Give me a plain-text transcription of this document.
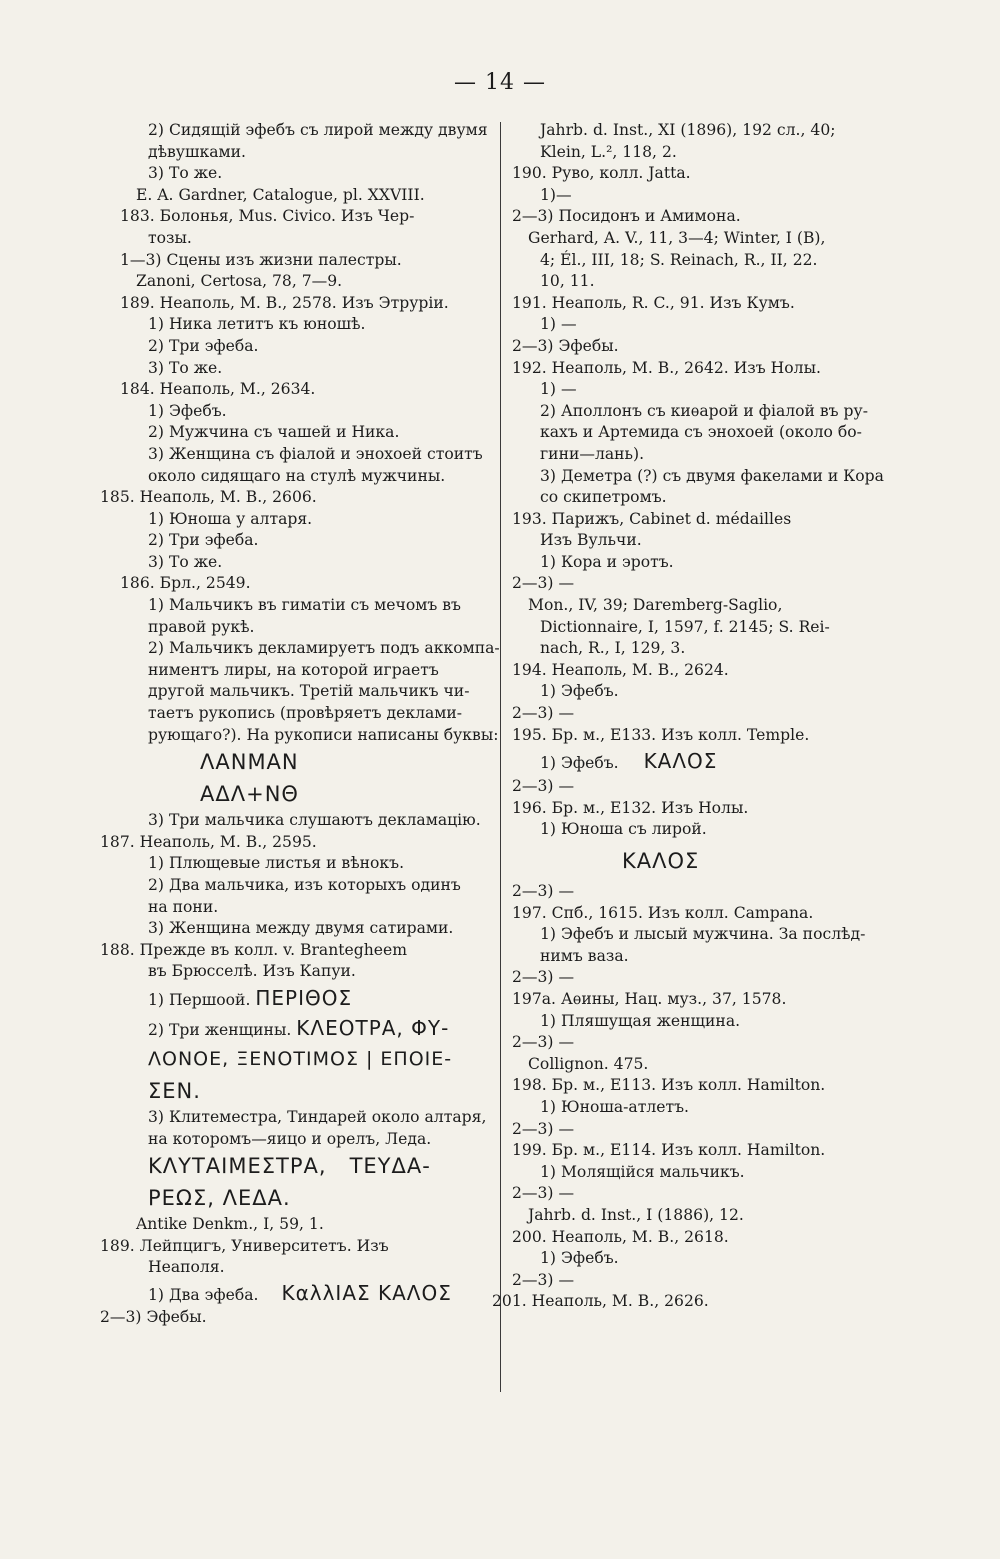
— 14 —
2) Сидящій эфебъ съ лирой между двумя
дѣвушками.
3) То же.
Е. A. Gardner, Catalogue, pl. XXVIII.
183. Болонья, Mus. Civico. Изъ Чер-
тозы.
1—3) Сцены изъ жизни палестры.
Zanoni, Certosa, 78, 7—9.
189. Неаполь, М. В., 2578. Изъ Этруріи.
1) Ника летитъ къ юношѣ.
2) Три эфеба.
3) То же.
184. Неаполь, М., 2634.
1) Эфебъ.
2) Мужчина съ чашей и Ника.
3) Женщина съ фіалой и энохоей стоитъ
около сидящаго на стулѣ мужчины.
185. Неаполь, М. В., 2606.
1) Юноша у алтаря.
2) Три эфеба.
3) То же.
186. Брл., 2549.
1) Мальчикъ въ гиматіи съ мечомъ въ
правой рукѣ.
2) Мальчикъ декламируетъ подъ аккомпа-
ниментъ лиры, на которой играетъ
другой мальчикъ. Третій мальчикъ чи-
таетъ рукопись (провѣряетъ деклами-
рующаго?). На рукописи написаны буквы:
ΛΑΝΜΑΝ
ΑΔΛ+ΝΘ
3) Три мальчика слушаютъ декламацію.
187. Неаполь, М. В., 2595.
1) Плющевые листья и вѣнокъ.
2) Два мальчика, изъ которыхъ одинъ
на пони.
3) Женщина между двумя сатирами.
188. Прежде въ колл. v. Brantegheem
въ Брюсселѣ. Изъ Капуи.
1) Першоой. ΠΕΡΙΘΟΣ
2) Три женщины. ΚΛΕΟΤΡΑ, ΦΥ-
ΛΟΝΟΕ, ΞΕΝΟΤΙΜΟΣ | ΕΠΟΙΕ-
ΣΕΝ.
3) Клитеместра, Тиндарей около алтаря,
на которомъ—яицо и орелъ, Леда.
ΚΛΥΤΑΙΜΕΣΤΡΑ,   ΤΕΥΔΑ-
ΡΕΩΣ, ΛΕΔΑ.
Antike Denkm., I, 59, 1.
189. Лейпцигъ, Университетъ. Изъ
Неаполя.
1) Два эфеба. ΚαλλΙΑΣ ΚΑΛΟΣ
2—3) Эфебы.
Jahrb. d. Inst., XI (1896), 192 сл., 40;
Klein, L.², 118, 2.
190. Руво, колл. Jatta.
1)—
2—3) Посидонъ и Амимона.
Gerhard, A. V., 11, 3—4; Winter, I (B),
4; Él., III, 18; S. Reinach, R., II, 22.
10, 11.
191. Неаполь, R. C., 91. Изъ Кумъ.
1) —
2—3) Эфебы.
192. Неаполь, М. В., 2642. Изъ Нолы.
1) —
2) Аполлонъ съ киѳарой и фіалой въ ру-
кахъ и Артемида съ энохоей (около бо-
гини—лань).
3) Деметра (?) съ двумя факелами и Кора
со скипетромъ.
193. Парижъ, Cabinet d. médailles
Изъ Вульчи.
1) Кора и эротъ.
2—3) —
Mon., IV, 39; Daremberg-Saglio,
Dictionnaire, I, 1597, f. 2145; S. Rei-
nach, R., I, 129, 3.
194. Неаполь, М. В., 2624.
1) Эфебъ.
2—3) —
195. Бр. м., Е133. Изъ колл. Temple.
1) Эфебъ. ΚΑΛΟΣ
2—3) —
196. Бр. м., Е132. Изъ Нолы.
1) Юноша съ лирой.
ΚΑΛΟΣ
2—3) —
197. Спб., 1615. Изъ колл. Campana.
1) Эфебъ и лысый мужчина. За послѣд-
нимъ ваза.
2—3) —
197a. Аѳины, Нац. муз., 37, 1578.
1) Пляшущая женщина.
2—3) —
Collignon. 475.
198. Бр. м., Е113. Изъ колл. Hamilton.
1) Юноша-атлетъ.
2—3) —
199. Бр. м., Е114. Изъ колл. Hamilton.
1) Молящійся мальчикъ.
2—3) —
Jahrb. d. Inst., I (1886), 12.
200. Неаполь, М. В., 2618.
1) Эфебъ.
2—3) —
201. Неаполь, М. В., 2626.
